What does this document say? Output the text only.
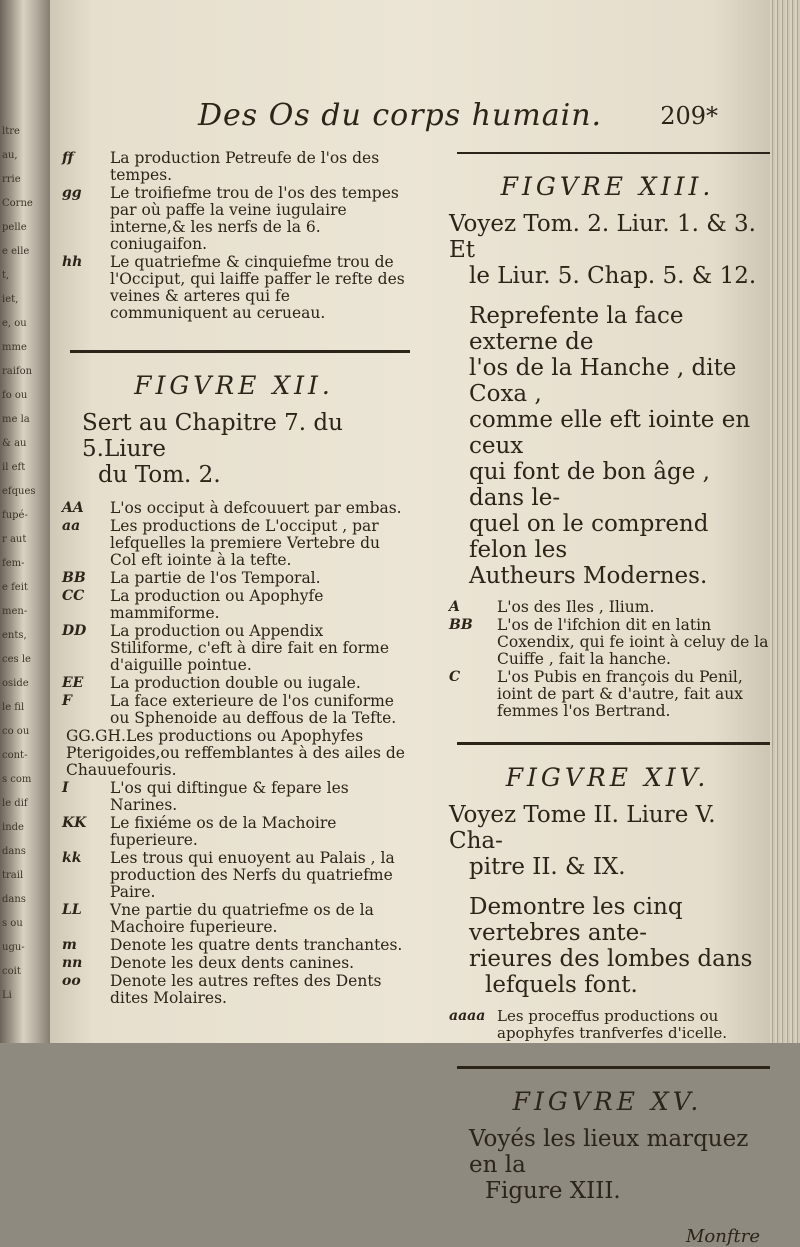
ltre
au,
rrie
Corne
pelle
e elle
t,
iet,
e, ou
mme
raifon
fo ou
me la
& au
il eft
efques
fupé-
r aut
fem-
e feit
men-
ents,
ces le
oside
le fil
co ou
cont-
s com
le dif
inde
dans
trail
dans
s ou
ugu-
coit
Li
Des Os du corps humain. 209*
ff	La production Petreufe de l'os des tempes.
gg	Le troifiefme trou de l'os des tempes par où paffe la veine iugulaire interne,& les nerfs de la 6. coniugaifon.
hh	Le quatriefme & cinquiefme trou de l'Occiput, qui laiffe paffer le refte des veines & arteres qui fe communiquent au cerueau.
FIGVRE XII.
Sert au Chapitre 7. du 5.Liure
du Tom. 2.
AA	L'os occiput à defcouuert par embas.
aa	Les productions de L'occiput , par lefquelles la premiere Vertebre du Col eft iointe à la tefte.
BB	La partie de l'os Temporal.
CC	La production ou Apophyfe mammiforme.
DD	La production ou Appendix Stiliforme, c'eft à dire fait en forme d'aiguille pointue.
EE	La production double ou iugale.
F	La face exterieure de l'os cuniforme ou Sphenoide au deffous de la Tefte.
GG.GH.Les productions ou Apophyfes Pterigoides,ou reffemblantes à des ailes de Chauuefouris.
I	L'os qui diftingue & fepare les Narines.
KK	Le fixiéme os de la Machoire fuperieure.
kk	Les trous qui enuoyent au Palais , la production des Nerfs du quatriefme Paire.
LL	Vne partie du quatriefme os de la Machoire fuperieure.
m	Denote les quatre dents tranchantes.
nn	Denote les deux dents canines.
oo	Denote les autres reftes des Dents dites Molaires.
FIGVRE XIII.
Voyez Tom. 2. Liur. 1. & 3. Et
le Liur. 5. Chap. 5. & 12.
Reprefente la face externe de
l'os de la Hanche , dite Coxa ,
comme elle eft iointe en ceux
qui font de bon âge , dans le-
quel on le comprend felon les
Autheurs Modernes.
A	L'os des Iles , Ilium.
BB	L'os de l'ifchion dit en latin Coxendix, qui fe ioint à celuy de la Cuiffe , fait la hanche.
C	L'os Pubis en françois du Penil, ioint de part & d'autre, fait aux femmes l'os Bertrand.
FIGVRE XIV.
Voyez Tome II. Liure V. Cha-
pitre II. & IX.
Demontre les cinq vertebres ante-
rieures des lombes dans
lefquels font.
aaaa Les proceffus productions ou apophyfes tranfverfes d'icelle.
FIGVRE XV.
Voyés les lieux marquez en la
Figure XIII.
Monftre
